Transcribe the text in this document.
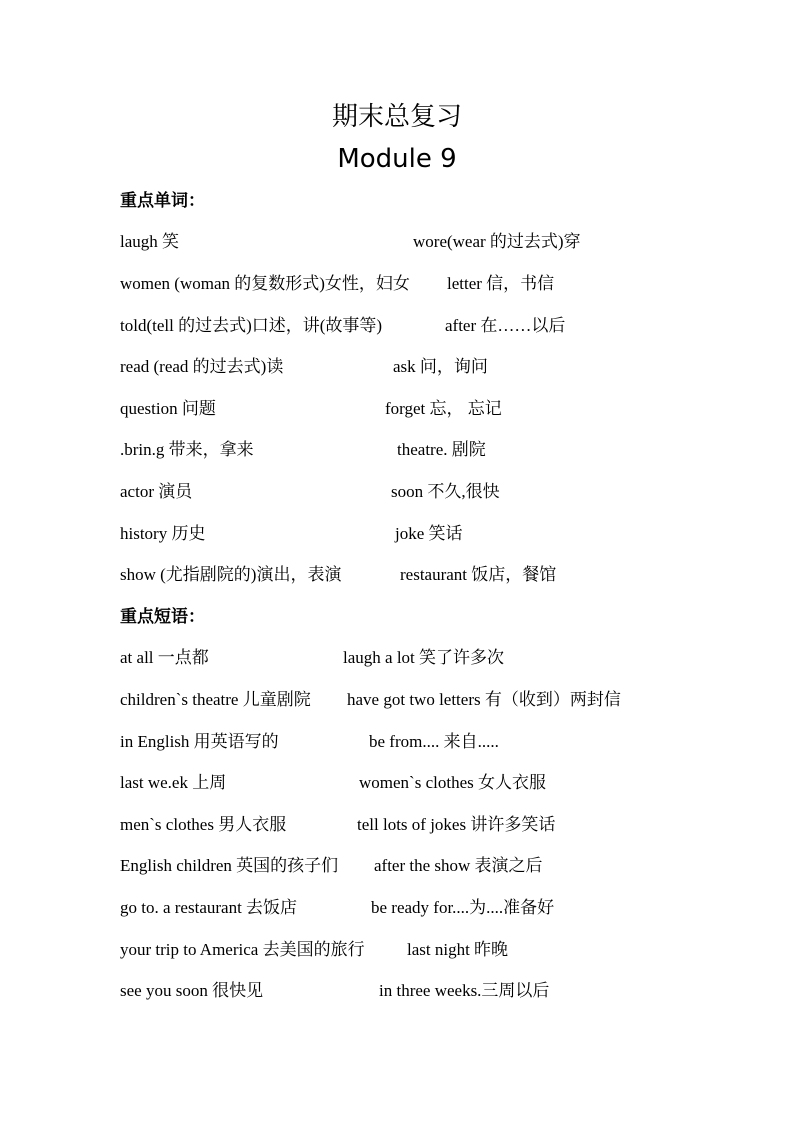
期末总复习
Module 9
重点单词：
laugh 笑	wore(wear 的过去式)穿
women (woman 的复数形式)女性，妇女 letter 信，书信
told(tell 的过去式)口述，讲(故事等)	after 在……以后
read (read 的过去式)读	ask 问，询问
question 问题	forget 忘， 忘记
.brin.g 带来，拿来	theatre. 剧院
actor 演员	soon 不久,很快
history 历史	joke 笑话
show (尤指剧院的)演出，表演	restaurant 饭店，餐馆
重点短语：
at all 一点都	laugh a lot 笑了许多次
children`s theatre 儿童剧院 have got two letters 有（收到）两封信
in English 用英语写的	be from.... 来自.....
last we.ek 上周	women`s clothes 女人衣服
men`s clothes 男人衣服	tell lots of jokes 讲许多笑话
English children 英国的孩子们 after the show 表演之后
go to. a restaurant 去饭店	be ready for....为....准备好
your trip to America 去美国的旅行 last night 昨晚
see you soon 很快见	in three weeks.三周以后
